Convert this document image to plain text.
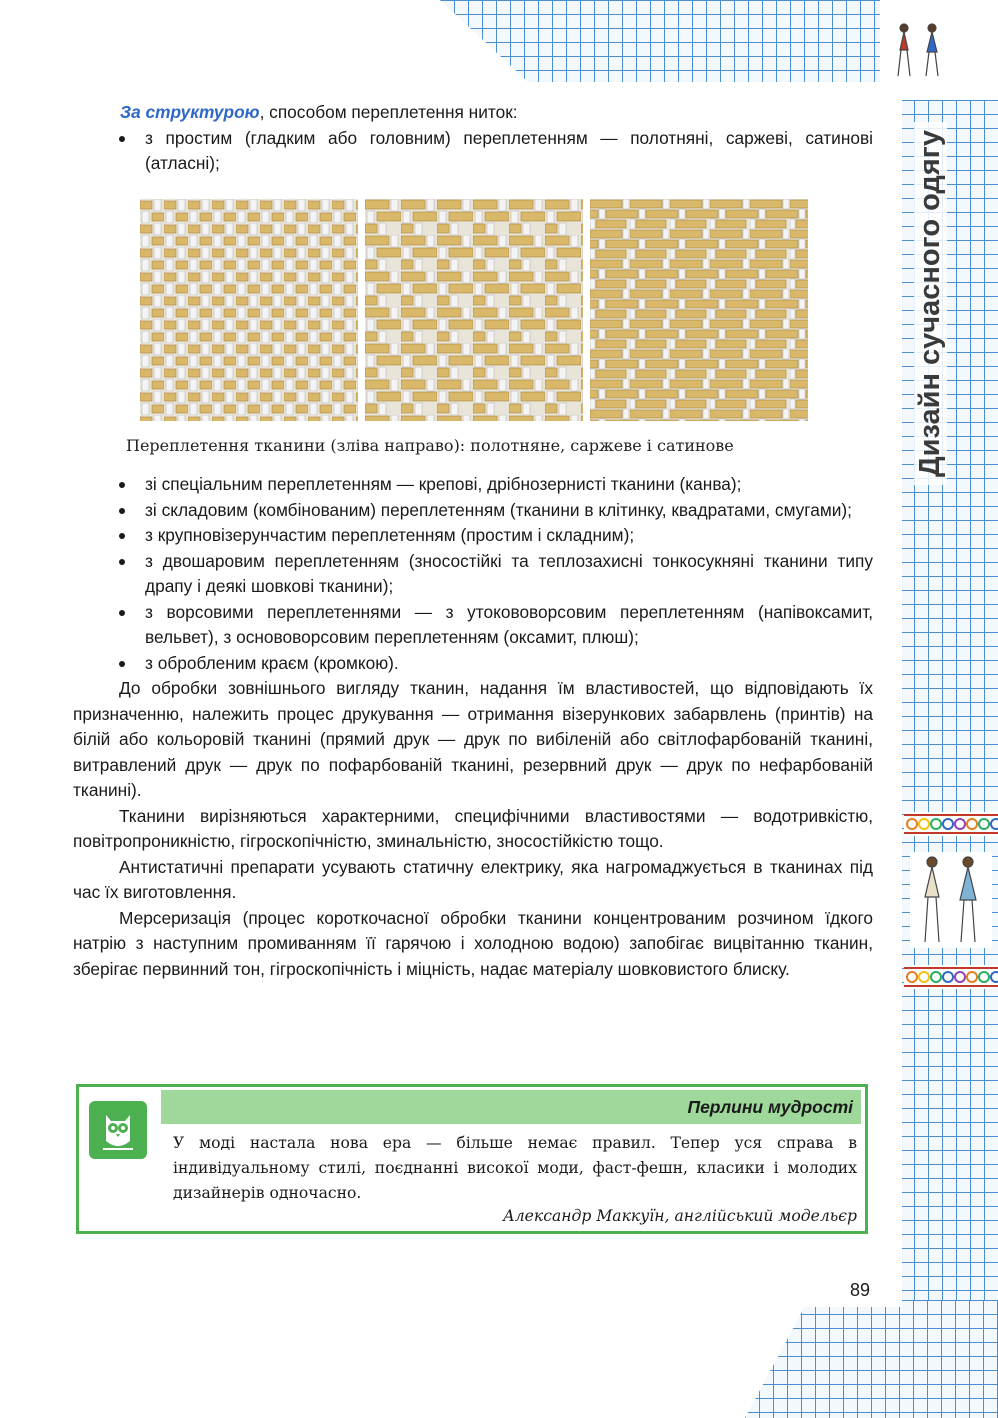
Дизайн сучасного одягу

За структурою, способом переплетення ниток:

з простим (гладким або головним) переплетенням — полотняні, саржеві, сатинові (атласні);
Переплетення тканини (зліва направо): полотняне, саржеве і сатинове
зі спеціальним переплетенням — крепові, дрібнозернисті тканини (канва);
зі складовим (комбінованим) переплетенням (тканини в клітинку, квадратами, смугами);
з крупновізерунчастим переплетенням (простим і складним);
з двошаровим переплетенням (зносостійкі та теплозахисні тонкосукняні тканини типу драпу і деякі шовкові тканини);
з ворсовими переплетеннями — з утокововорсовим переплетенням (напівоксамит, вельвет), з основоворсовим переплетенням (оксамит, плюш);
з обробленим краєм (кромкою).

До обробки зовнішнього вигляду тканин, надання їм властивостей, що відповідають їх призначенню, належить процес друкування — отримання візерункових забарвлень (принтів) на білій або кольоровій тканині (прямий друк — друк по вибіленій або світлофарбованій тканині, витравлений друк — друк по пофарбованій тканині, резервний друк — друк по нефарбованій тканині).

Тканини вирізняються характерними, специфічними властивостями — водотривкістю, повітропроникністю, гігроскопічністю, зминальністю, зносостійкістю тощо.

Антистатичні препарати усувають статичну електрику, яка нагромаджується в тканинах під час їх виготовлення.

Мерсеризація (процес короткочасної обробки тканини концентрованим розчином їдкого натрію з наступним промиванням її гарячою і холодною водою) запобігає вицвітанню тканин, зберігає первинний тон, гігроскопічність і міцність, надає матеріалу шовковистого блиску.

Перлини мудрості
У моді настала нова ера — більше немає правил. Тепер уся справа в індивідуальному стилі, поєднанні високої моди, фаст-фешн, класики і молодих дизайнерів одночасно.
Александр Маккуїн, англійський модельєр
89
